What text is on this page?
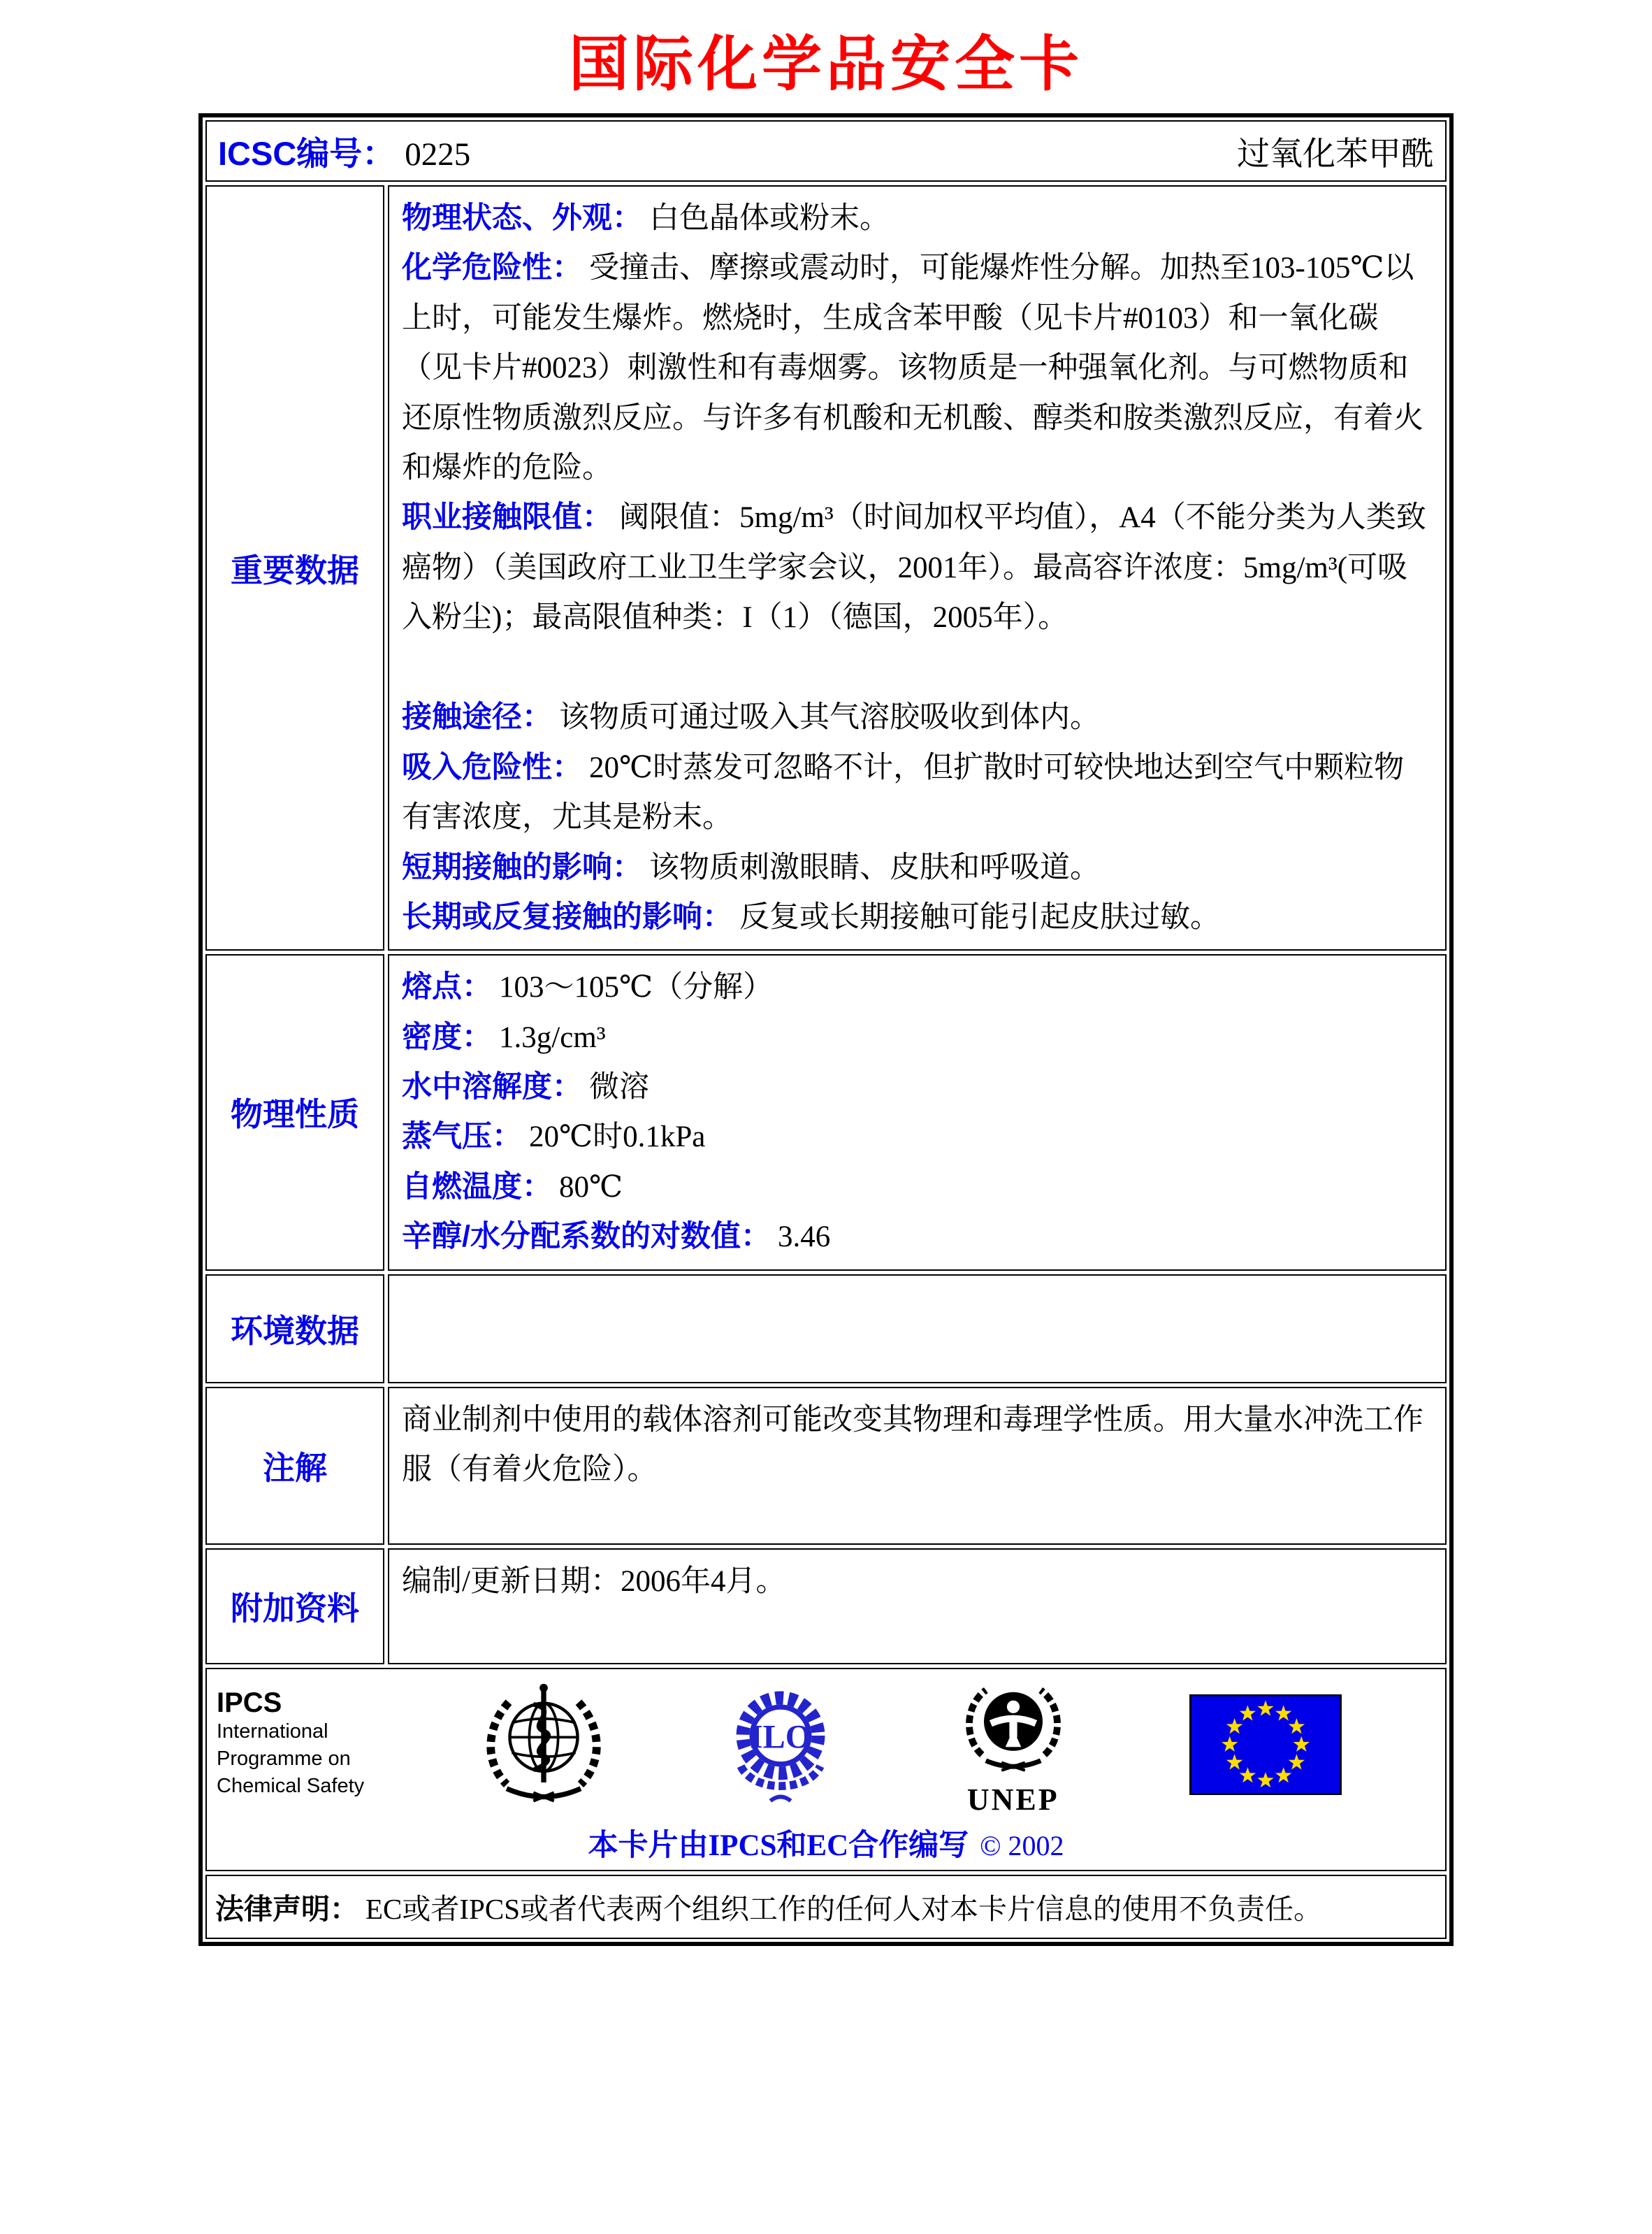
国际化学品安全卡
ICSC编号： 0225	过氧化苯甲酰
重要数据

物理状态、外观： 白色晶体或粉末。

化学危险性： 受撞击、摩擦或震动时，可能爆炸性分解。加热至103-105℃以上时，可能发生爆炸。燃烧时，生成含苯甲酸（见卡片#0103）和一氧化碳（见卡片#0023）刺激性和有毒烟雾。该物质是一种强氧化剂。与可燃物质和还原性物质激烈反应。与许多有机酸和无机酸、醇类和胺类激烈反应，有着火和爆炸的危险。

职业接触限值： 阈限值：5mg/m³（时间加权平均值），A4（不能分类为人类致癌物）（美国政府工业卫生学家会议，2001年）。最高容许浓度：5mg/m³(可吸入粉尘)；最高限值种类：I（1）（德国，2005年）。

接触途径： 该物质可通过吸入其气溶胶吸收到体内。

吸入危险性： 20℃时蒸发可忽略不计，但扩散时可较快地达到空气中颗粒物有害浓度，尤其是粉末。

短期接触的影响： 该物质刺激眼睛、皮肤和呼吸道。

长期或反复接触的影响： 反复或长期接触可能引起皮肤过敏。

物理性质

熔点： 103～105℃（分解）

密度： 1.3g/cm³

水中溶解度： 微溶

蒸气压： 20℃时0.1kPa

自燃温度： 80℃

辛醇/水分配系数的对数值： 3.46

环境数据
注解

商业制剂中使用的载体溶剂可能改变其物理和毒理学性质。用大量水冲洗工作服（有着火危险）。

附加资料

编制/更新日期：2006年4月。

IPCS
International
Programme on
Chemical Safety
ILO
UNEP
本卡片由IPCS和EC合作编写 © 2002
法律声明： EC或者IPCS或者代表两个组织工作的任何人对本卡片信息的使用不负责任。
